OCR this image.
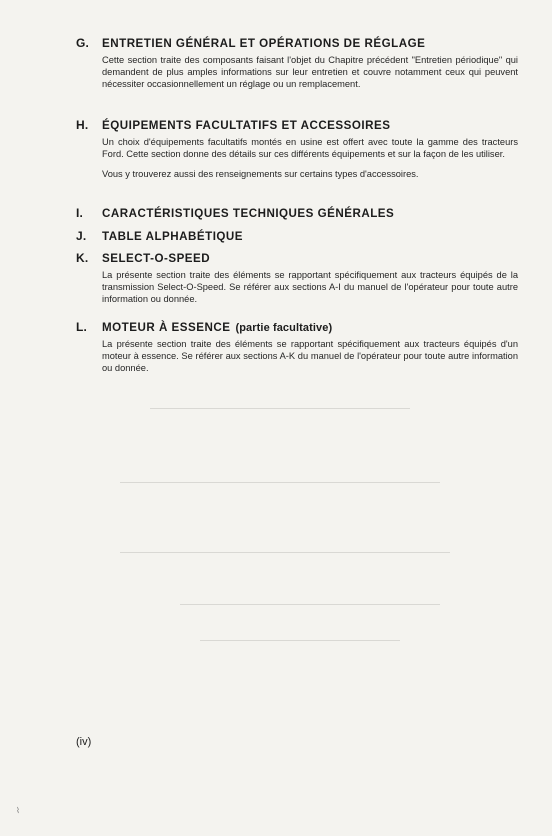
G.	ENTRETIEN GÉNÉRAL ET OPÉRATIONS DE RÉGLAGE

Cette section traite des composants faisant l'objet du Chapitre précédent "Entretien périodique" qui demandent de plus amples informations sur leur entretien et couvre notamment ceux qui peuvent nécessiter occasionnellement un réglage ou un remplacement.

H.	ÉQUIPEMENTS FACULTATIFS ET ACCESSOIRES

Un choix d'équipements facultatifs montés en usine est offert avec toute la gamme des tracteurs Ford. Cette section donne des détails sur ces différents équipements et sur la façon de les utiliser.

Vous y trouverez aussi des renseignements sur certains types d'accessoires.

I.	CARACTÉRISTIQUES TECHNIQUES GÉNÉRALES
J.	TABLE ALPHABÉTIQUE
K.	SELECT-O-SPEED

La présente section traite des éléments se rapportant spécifiquement aux tracteurs équipés de la transmission Select-O-Speed. Se référer aux sections A-I du manuel de l'opérateur pour toute autre information ou donnée.

L.	MOTEUR À ESSENCE (partie facultative)

La présente section traite des éléments se rapportant spécifiquement aux tracteurs équipés d'un moteur à essence. Se référer aux sections A-K du manuel de l'opérateur pour toute autre information ou donnée.

(iv)
⌇
